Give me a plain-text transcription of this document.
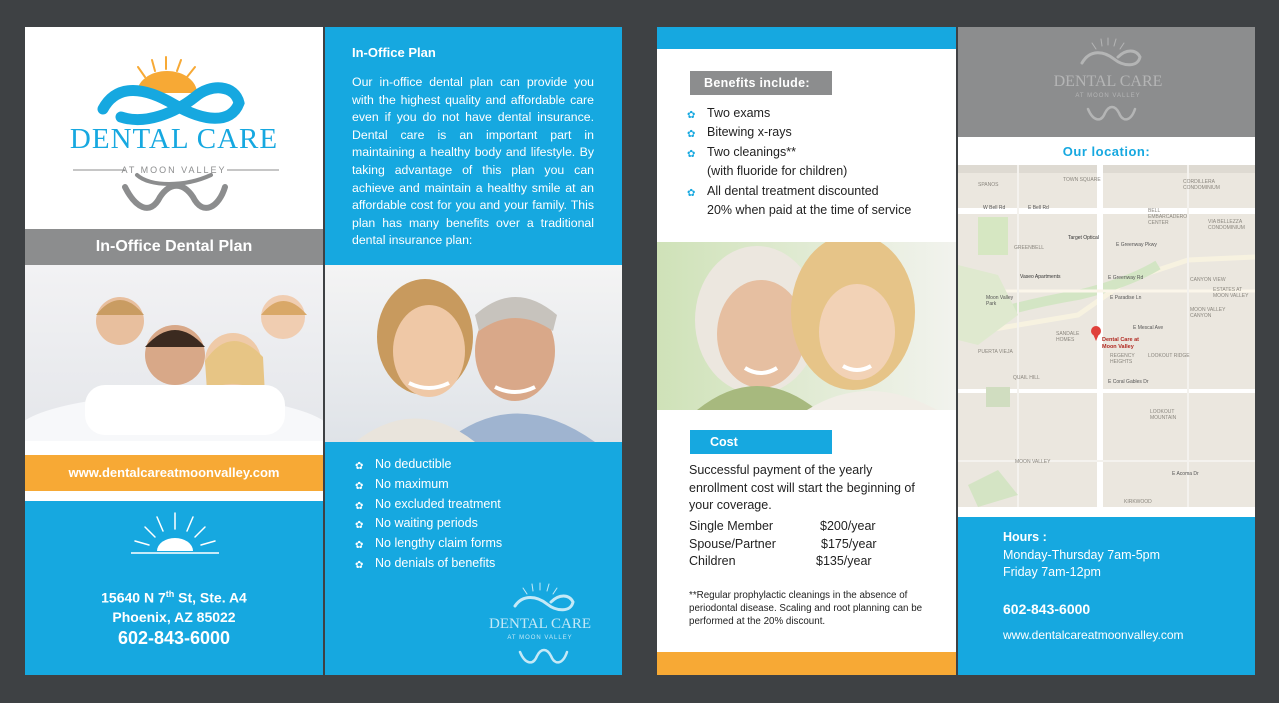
DENTAL CARE
AT MOON VALLEY
In-Office Dental Plan
www.dentalcareatmoonvalley.com
15640 N 7th St, Ste. A4
Phoenix, AZ 85022
602-843-6000
In-Office Plan
Our in-office dental plan can provide you with the highest quality and affordable care even if you do not have dental insurance. Dental care is an important part in maintaining a healthy body and lifestyle. By taking advantage of this plan you can achieve and maintain a healthy smile at an affordable cost for you and your family. This plan has many benefits over a traditional dental insurance plan:
✿ No deductible
✿ No maximum
✿ No excluded treatment
✿ No waiting periods
✿ No lengthy claim forms
✿ No denials of benefits
DENTAL CARE
AT MOON VALLEY
Benefits include:
✿ Two exams
✿ Bitewing x-rays
✿ Two cleanings**
(with fluoride for children)
✿ All dental treatment discounted
20% when paid at the time of service
Cost
Successful payment of the yearly enrollment cost will start the beginning of your coverage.
Single Member	$200/year
Spouse/Partner	$175/year
Children	$135/year
**Regular prophylactic cleanings in the absence of periodontal disease. Scaling and root planning can be performed at the 20% discount.
DENTAL CARE
AT MOON VALLEY
Our location:
Dental Care at Moon Valley
TOWN SQUARE
SPANOS	CORDILLERA CONDOMINIUM
W Bell Rd	E Bell Rd	BELL EMBARCADERO CENTER	VIA BELLEZZA CONDOMINIUM
Target Optical
GREENBELL	E Greenway Pkwy
Vaseo Apartments	E Greenway Rd	CANYON VIEW
E Paradise Ln
ESTATES AT MOON VALLEY
Moon Valley Park
MOON VALLEY CANYON
E Mescal Ave
SANDALE HOMES
PUERTA VIEJA
REGENCY HEIGHTS
LOOKOUT RIDGE
E Coral Gables Dr
QUAIL HILL
LOOKOUT MOUNTAIN
MOON VALLEY
E Acoma Dr
KIRKWOOD
Hours :
Monday-Thursday 7am-5pm
Friday 7am-12pm
602-843-6000
www.dentalcareatmoonvalley.com
